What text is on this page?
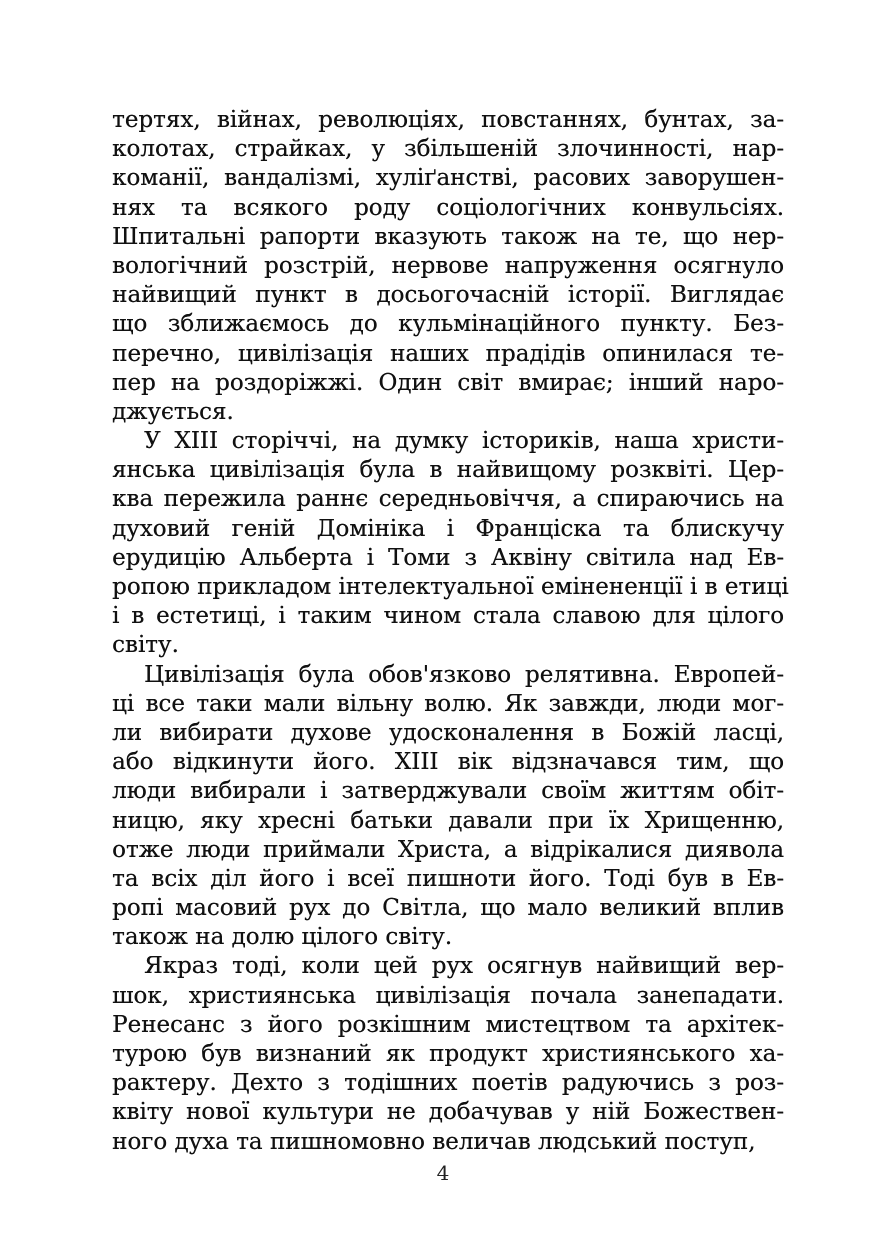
тертях, війнах, революціях, повстаннях, бунтах, за-
колотах, страйках, у збільшеній злочинності, нар-
команії, вандалізмі, хуліґанстві, расових заворушен-
нях та всякого роду соціологічних конвульсіях.
Шпитальні рапорти вказують також на те, що нер-
вологічний розстрій, нервове напруження осягнуло
найвищий пункт в досьогочасній історії. Виглядає
що зближаємось до кульмінаційного пункту. Без-
перечно, цивілізація наших прадідів опинилася те-
пер на роздоріжжі. Один світ вмирає; інший наро-
джується.
У XIII сторіччі, на думку істориків, наша христи-
янська цивілізація була в найвищому розквіті. Цер-
ква пережила раннє середньовіччя, а спираючись на
духовий геній Домініка і Франціска та блискучу
ерудицію Альберта і Томи з Аквіну світила над Ев-
ропою прикладом інтелектуальної емінененції і в етиці
і в естетиці, і таким чином стала славою для цілого
світу.
Цивілізація була обов'язково релятивна. Европей-
ці все таки мали вільну волю. Як завжди, люди мог-
ли вибирати духове удосконалення в Божій ласці,
або відкинути його. XIII вік відзначався тим, що
люди вибирали і затверджували своїм життям обіт-
ницю, яку хресні батьки давали при їх Хрищенню,
отже люди приймали Христа, а відрікалися диявола
та всіх діл його і всеї пишноти його. Тоді був в Ев-
ропі масовий рух до Світла, що мало великий вплив
також на долю цілого світу.
Якраз тоді, коли цей рух осягнув найвищий вер-
шок, християнська цивілізація почала занепадати.
Ренесанс з його розкішним мистецтвом та архітек-
турою був визнаний як продукт християнського ха-
рактеру. Дехто з тодішних поетів радуючись з роз-
квіту нової культури не добачував у ній Божествен-
ного духа та пишномовно величав людський поступ,
4
